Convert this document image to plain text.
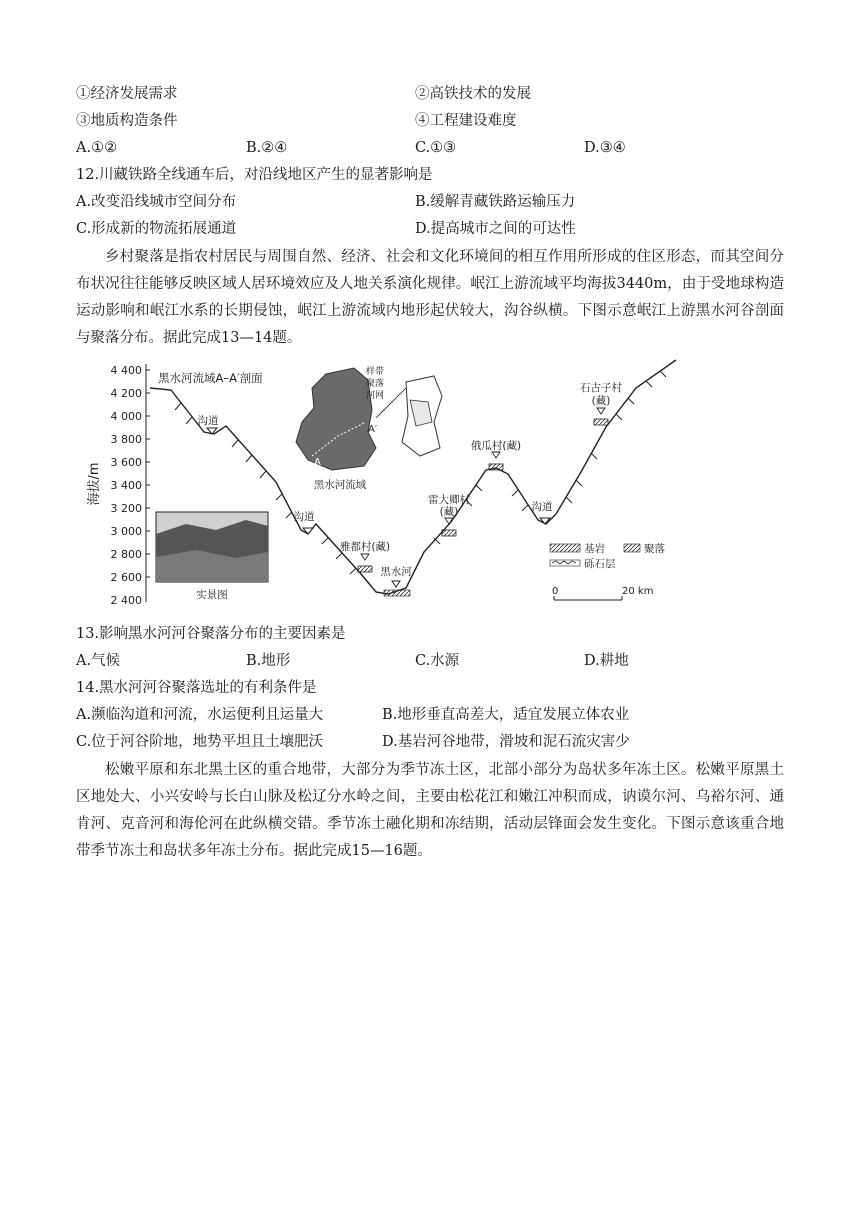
①经济发展需求	②高铁技术的发展
③地质构造条件	④工程建设难度
A.①②	B.②④	C.①③	D.③④
12.川藏铁路全线通车后，对沿线地区产生的显著影响是
A.改变沿线城市空间分布	B.缓解青藏铁路运输压力
C.形成新的物流拓展通道	D.提高城市之间的可达性
乡村聚落是指农村居民与周围自然、经济、社会和文化环境间的相互作用所形成的住区形态，而其空间分布状况往往能够反映区域人居环境效应及人地关系演化规律。岷江上游流域平均海拔3440m，由于受地球构造运动影响和岷江水系的长期侵蚀，岷江上游流域内地形起伏较大，沟谷纵横。下图示意岷江上游黑水河谷剖面与聚落分布。据此完成13—14题。
4 400
4 200
4 000
3 800
3 600
3 400
3 200
3 000
2 800
2 600
2 400
海拔/m
黑水河流域A–A′剖面
沟道
沟道
沟道
黑水河
雅都村(藏)
雷大卿村
(藏)
俄瓜村(藏)
石古子村
(藏)
A
A′
黑水河流域
样带
聚落
河网
实景图
基岩	聚落
砾石层
0	20 km
13.影响黑水河河谷聚落分布的主要因素是
A.气候	B.地形	C.水源	D.耕地
14.黑水河河谷聚落选址的有利条件是
A.濒临沟道和河流，水运便利且运量大	B.地形垂直高差大，适宜发展立体农业
C.位于河谷阶地，地势平坦且土壤肥沃	D.基岩河谷地带，滑坡和泥石流灾害少
松嫩平原和东北黑土区的重合地带，大部分为季节冻土区，北部小部分为岛状多年冻土区。松嫩平原黑土区地处大、小兴安岭与长白山脉及松辽分水岭之间，主要由松花江和嫩江冲积而成，讷谟尔河、乌裕尔河、通肯河、克音河和海伦河在此纵横交错。季节冻土融化期和冻结期，活动层锋面会发生变化。下图示意该重合地带季节冻土和岛状多年冻土分布。据此完成15—16题。
